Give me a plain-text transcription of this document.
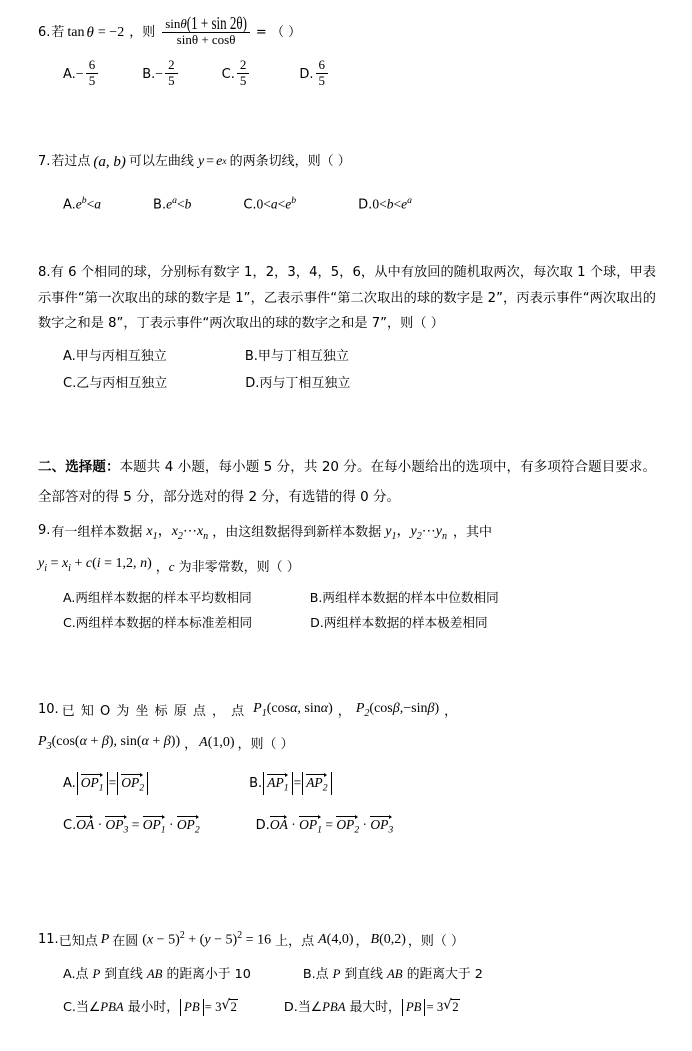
6. 若 tan θ = −2 ，则 $\frac{\sin\theta(1 + \sin 2\theta)}{\sin\theta + \cos\theta}$ = （ ）
$A.- \frac{6}{5}$	$B.- \frac{2}{5}$	C. $\frac{2}{5}$	D. $\frac{6}{5}$
7. 若过点 (a, b) 可以左曲线 y = e x 的两条切线，则（ ）
$A.e^b<a$	$B.e^a<b$	$C.0<a<e^b$	$D.0<b<e^a$
8.有 6 个相同的球，分别标有数字 1，2，3，4，5，6，从中有放回的随机取两次，每次取 1 个球，甲表示事件“第一次取出的球的数字是 1”，乙表示事件“第二次取出的球的数字是 2”，丙表示事件“两次取出的数字之和是 8”，丁表示事件“两次取出的球的数字之和是 7”，则（ ）
A.甲与丙相互独立	B.甲与丁相互独立
C.乙与丙相互独立	D.丙与丁相互独立
二、选择题：本题共 4 小题，每小题 5 分，共 20 分。在每小题给出的选项中，有多项符合题目要求。全部答对的得 5 分，部分选对的得 2 分，有选错的得 0 分。
9. 有一组样本数据 $x_1$，$x_2\cdots x_n$ ，由这组数据得到新样本数据 $y_1$，$y_2\cdots y_n$ ，其中
$y_i = x_i + c(i = 1,2$, n) ，c 为非零常数，则（ ）
A.两组样本数据的样本平均数相同	B.两组样本数据的样本中位数相同
C.两组样本数据的样本标准差相同	D.两组样本数据的样本极差相同
10. 已 知 O 为 坐 标 原 点 ， 点 $P_1(\cos\alpha$, sinα) ， $P_2(\cos\beta,-\sin\beta)$ ，
$P_3(\cos(\alpha + \beta)$, sin(α + β)) ， A(1,0) ，则（ ）
A. $OP_1 = OP_2$	B. $AP_1 = AP_2$
$C.OA \cdot OP_3 = OP_1 \cdot OP_2$	$D.OA \cdot OP_1 = OP_2 \cdot OP_3$
11. 已知点 P 在圆 $(x - 5)^2 + (y - 5)^2 = 16$ 上，点 A(4,0) ， B(0,2) ，则（ ）
A.点 P 到直线 AB 的距离小于 10	B.点 P 到直线 AB 的距离大于 2
C.当∠PBA 最小时， PB = 3 √ 2	D.当∠PBA 最大时， PB = 3 √ 2
